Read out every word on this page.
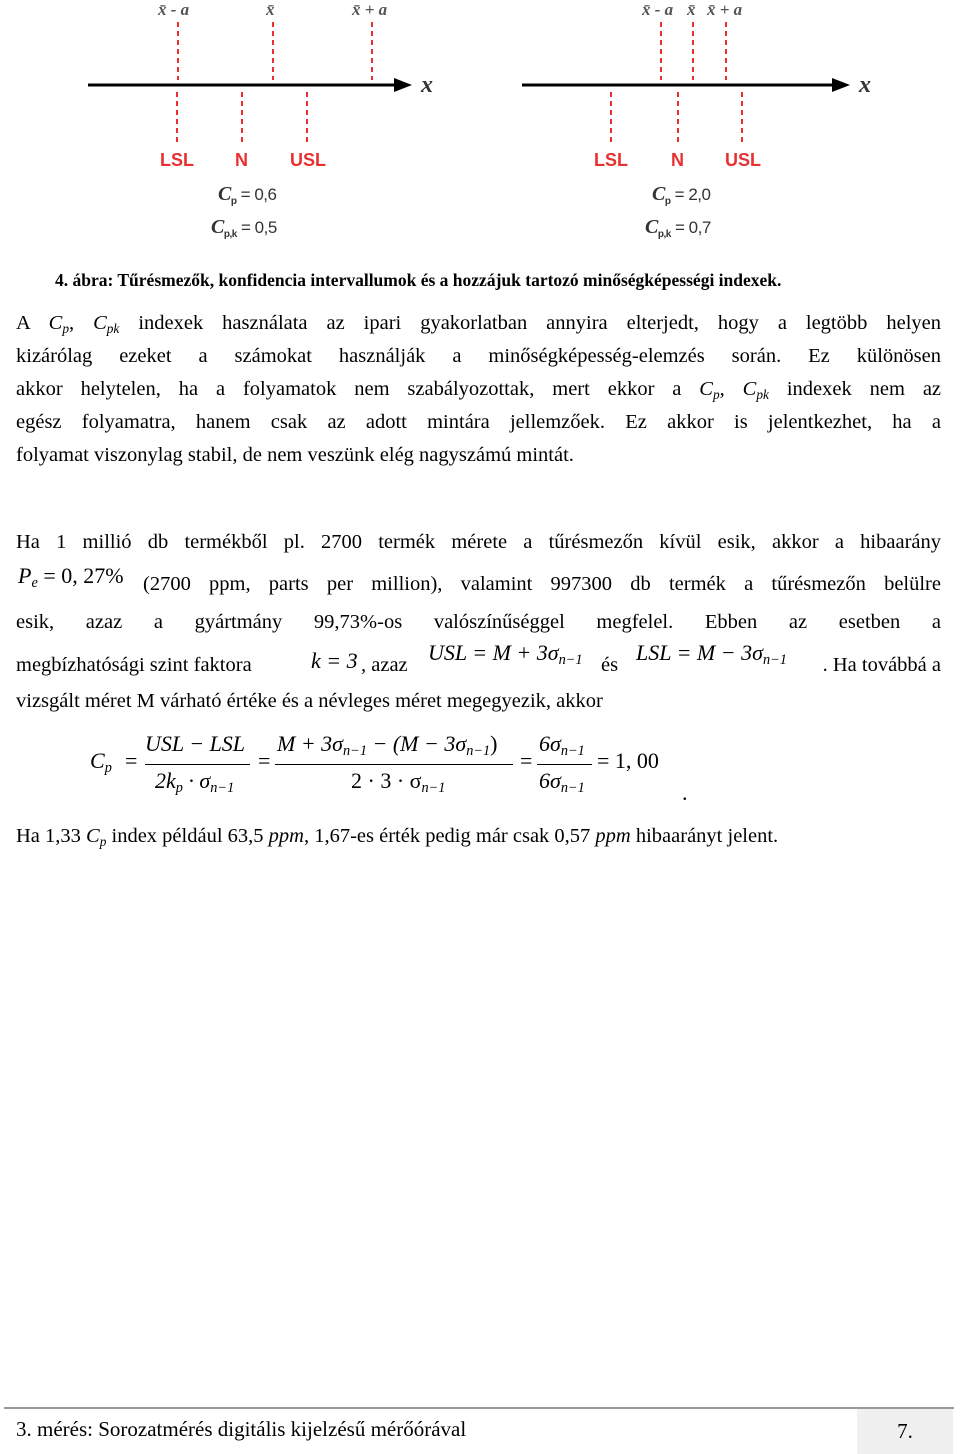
x̄ - a	x̄	x̄ + a
x
LSL N USL
$C_p = 0,6$
$C_{p,k} = 0,5$
x̄ - a x̄ x̄ + a
x
LSL N USL
$C_p = 2,0$
$C_{p,k} = 0,7$
4. ábra: Tűrésmezők, konfidencia intervallumok és a hozzájuk tartozó minőségképességi indexek.
A $C_p$, $C_{pk}$ indexek használata az ipari gyakorlatban annyira elterjedt, hogy a legtöbb helyen
kizárólag ezeket a számokat használják a minőségképesség-elemzés során. Ez különösen
akkor helytelen, ha a folyamatok nem szabályozottak, mert ekkor a $C_p$, $C_{pk}$ indexek nem az
egész folyamatra, hanem csak az adott mintára jellemzőek. Ez akkor is jelentkezhet, ha a
folyamat viszonylag stabil, de nem veszünk elég nagyszámú mintát.
Ha 1 millió db termékből pl. 2700 termék mérete a tűrésmezőn kívül esik, akkor a hibaarány
$P_e = 0$, 27% (2700 ppm, parts per million), valamint 997300 db termék a tűrésmezőn belülre
esik, azaz a gyártmány 99,73%-os valószínűséggel megfelel. Ebben az esetben a
megbízhatósági szint faktora	k = 3 , azaz USL = $M + 3\sigma_{n-1}$ és LSL = $M - 3\sigma_{n-1}$ . Ha továbbá a
vizsgált méret M várható értéke és a névleges méret megegyezik, akkor
$C_p$ =
USL − LSL
$2k_p \cdot \sigma_{n-1}$
=
$M + 3\sigma_{n-1} - (M - 3\sigma_{n-1})$
$2 \cdot 3 \cdot \sigma_{n-1}$
=
$6\sigma_{n-1}$
$6\sigma_{n-1}$
= 1, 00
.
Ha 1,33 $C_p$ index például 63,5 ppm, 1,67-es érték pedig már csak 0,57 ppm hibaarányt jelent.
3. mérés: Sorozatmérés digitális kijelzésű mérőórával	7.
